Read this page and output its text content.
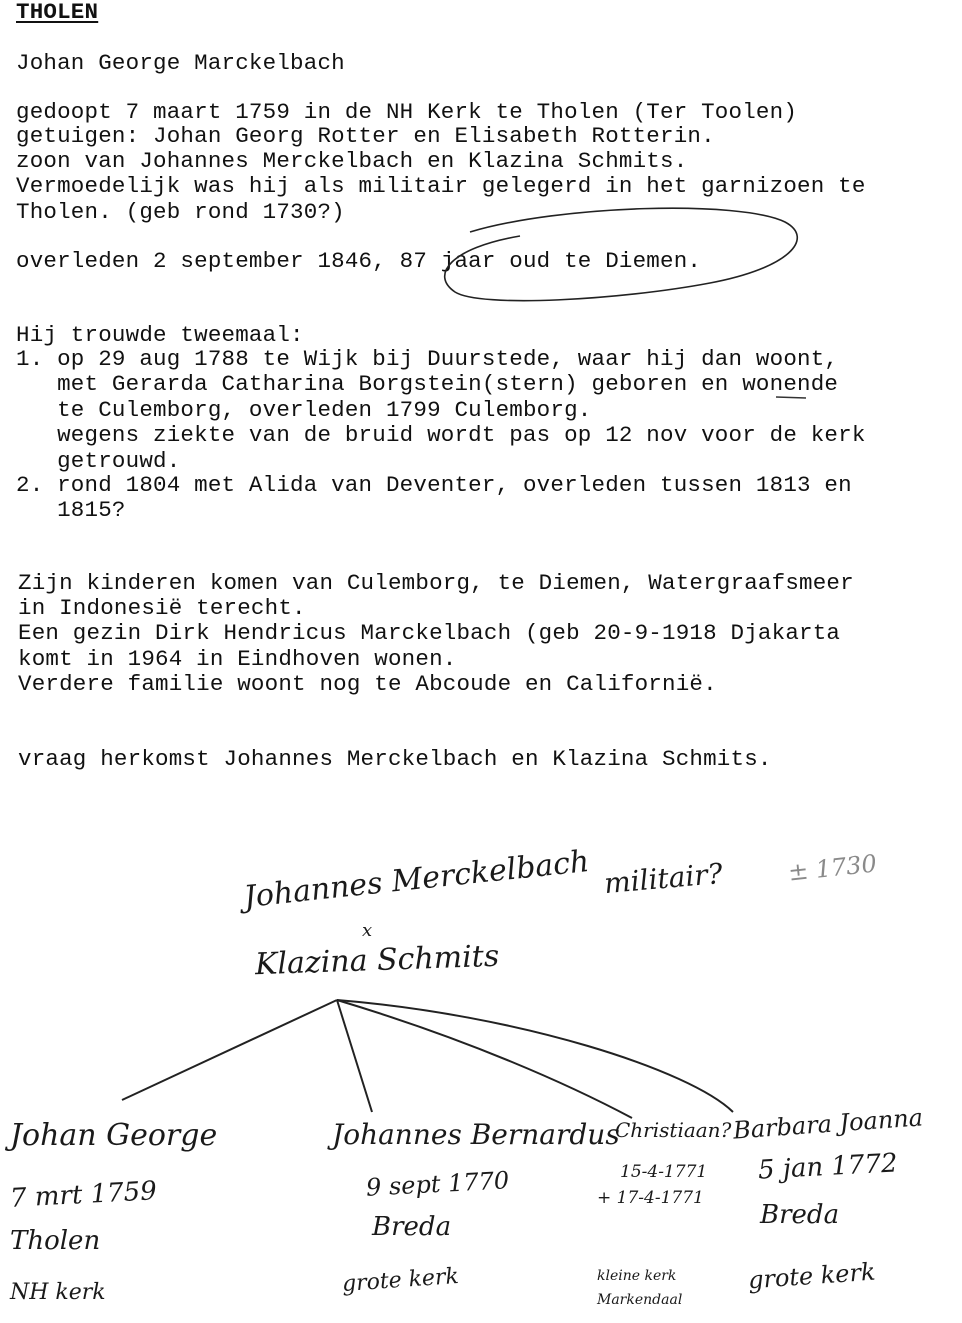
THOLEN
Johan George Marckelbach
gedoopt 7 maart 1759 in de NH Kerk te Tholen (Ter Toolen)
getuigen: Johan Georg Rotter en Elisabeth Rotterin.
zoon van Johannes Merckelbach en Klazina Schmits.
Vermoedelijk was hij als militair gelegerd in het garnizoen te
Tholen. (geb rond 1730?)
overleden 2 september 1846, 87 jaar oud te Diemen.
Hij trouwde tweemaal:
1. op 29 aug 1788 te Wijk bij Duurstede, waar hij dan woont,
met Gerarda Catharina Borgstein(stern) geboren en wonende
te Culemborg, overleden 1799 Culemborg.
wegens ziekte van de bruid wordt pas op 12 nov voor de kerk
getrouwd.
2. rond 1804 met Alida van Deventer, overleden tussen 1813 en
1815?
Zijn kinderen komen van Culemborg, te Diemen, Watergraafsmeer
in Indonesië terecht.
Een gezin Dirk Hendricus Marckelbach (geb 20-9-1918 Djakarta
komt in 1964 in Eindhoven wonen.
Verdere familie woont nog te Abcoude en Californië.
vraag herkomst Johannes Merckelbach en Klazina Schmits.
Johannes Merckelbach militair?	± 1730
x
Klazina Schmits
Johan George
7 mrt 1759
Tholen
NH kerk
Johannes Bernardus
9 sept 1770
Breda
grote kerk
Christiaan?
15-4-1771
+ 17-4-1771
kleine kerk Markendaal
Barbara Joanna
5 jan 1772
Breda
grote kerk
